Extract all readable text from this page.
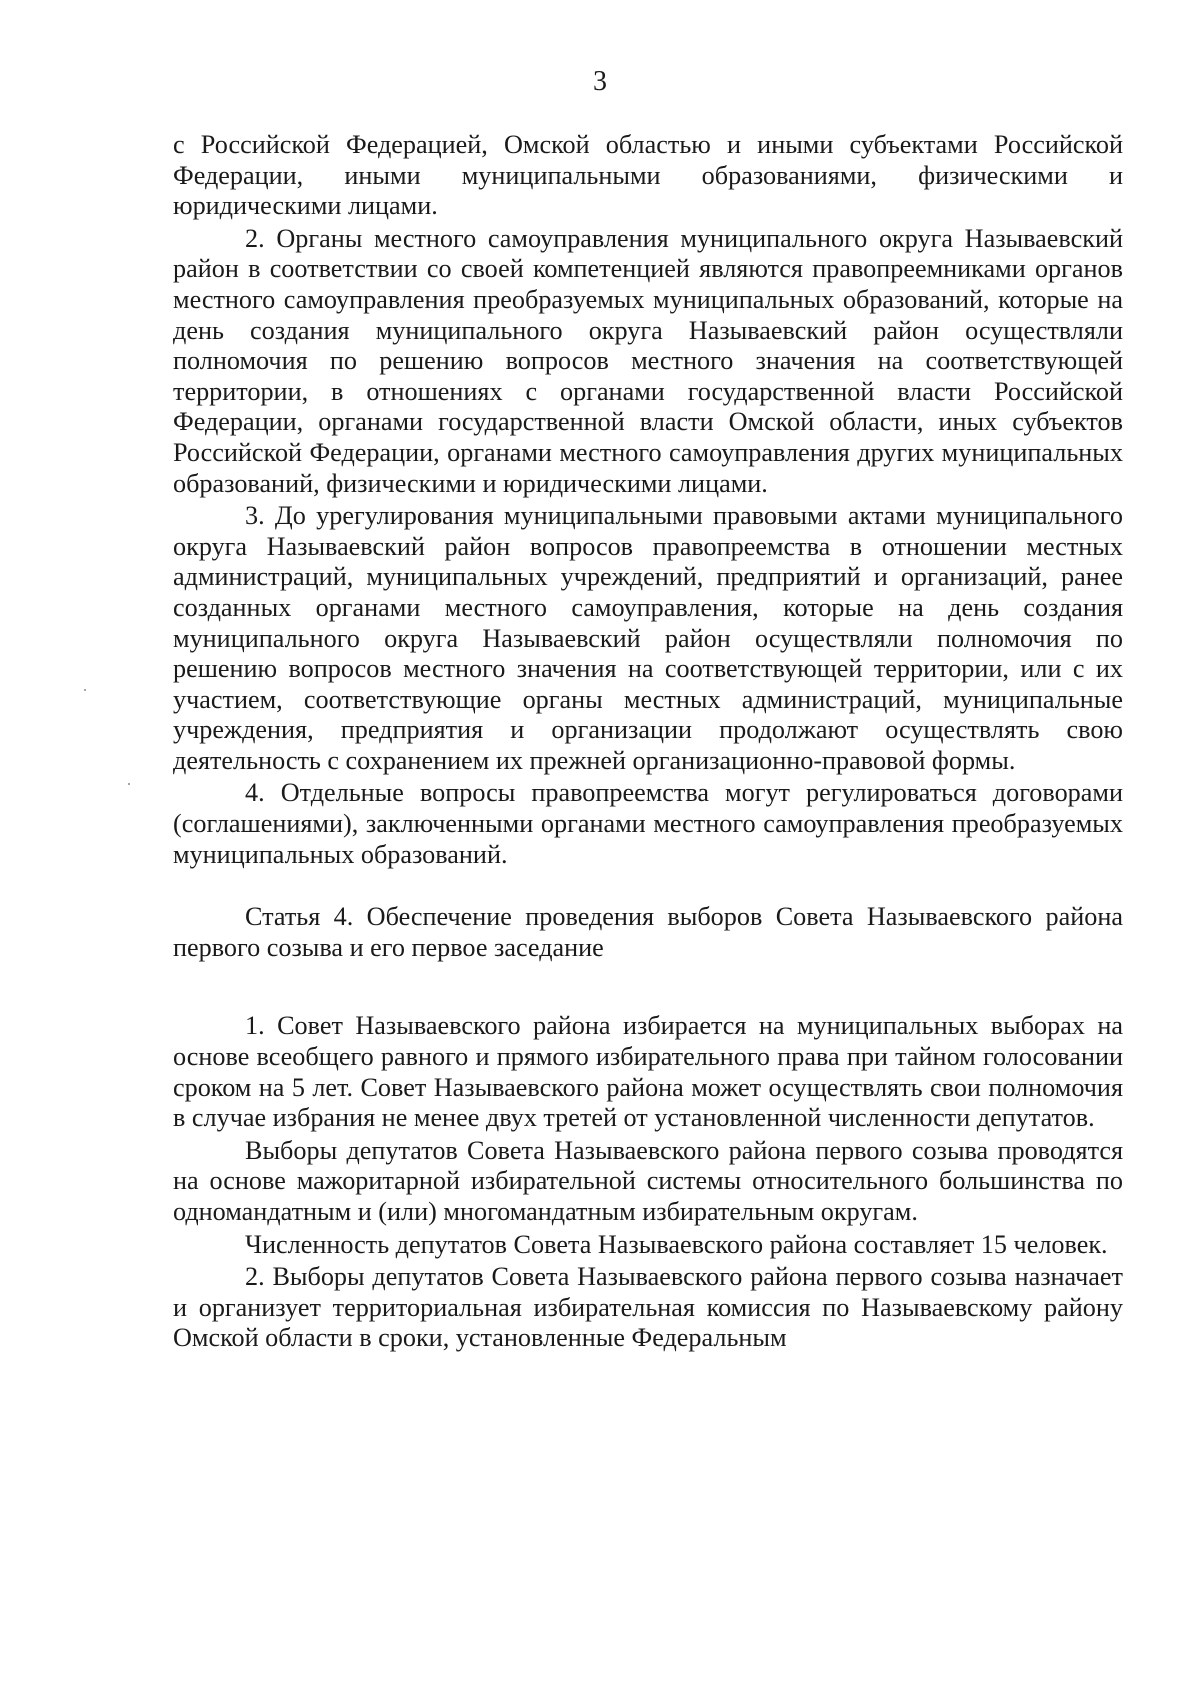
3

с Российской Федерацией, Омской областью и иными субъектами Российской Федерации, иными муниципальными образованиями, физическими и юридическими лицами.

2. Органы местного самоуправления муниципального округа Называевский район в соответствии со своей компетенцией являются правопреемниками органов местного самоуправления преобразуемых муниципальных образований, которые на день создания муниципального округа Называевский район осуществляли полномочия по решению вопросов местного значения на соответствующей территории, в отношениях с органами государственной власти Российской Федерации, органами государственной власти Омской области, иных субъектов Российской Федерации, органами местного самоуправления других муниципальных образований, физическими и юридическими лицами.

3. До урегулирования муниципальными правовыми актами муниципального округа Называевский район вопросов правопреемства в отношении местных администраций, муниципальных учреждений, предприятий и организаций, ранее созданных органами местного самоуправления, которые на день создания муниципального округа Называевский район осуществляли полномочия по решению вопросов местного значения на соответствующей территории, или с их участием, соответствующие органы местных администраций, муниципальные учреждения, предприятия и организации продолжают осуществлять свою деятельность с сохранением их прежней организационно-правовой формы.

4. Отдельные вопросы правопреемства могут регулироваться договорами (соглашениями), заключенными органами местного самоуправления преобразуемых муниципальных образований.

Статья 4. Обеспечение проведения выборов Совета Называевского района первого созыва и его первое заседание

1. Совет Называевского района избирается на муниципальных выборах на основе всеобщего равного и прямого избирательного права при тайном голосовании сроком на 5 лет. Совет Называевского района может осуществлять свои полномочия в случае избрания не менее двух третей от установленной численности депутатов.

Выборы депутатов Совета Называевского района первого созыва проводятся на основе мажоритарной избирательной системы относительного большинства по одномандатным и (или) многомандатным избирательным округам.

Численность депутатов Совета Называевского района составляет 15 человек.

2. Выборы депутатов Совета Называевского района первого созыва назначает и организует территориальная избирательная комиссия по Называевскому району Омской области в сроки, установленные Федеральным
